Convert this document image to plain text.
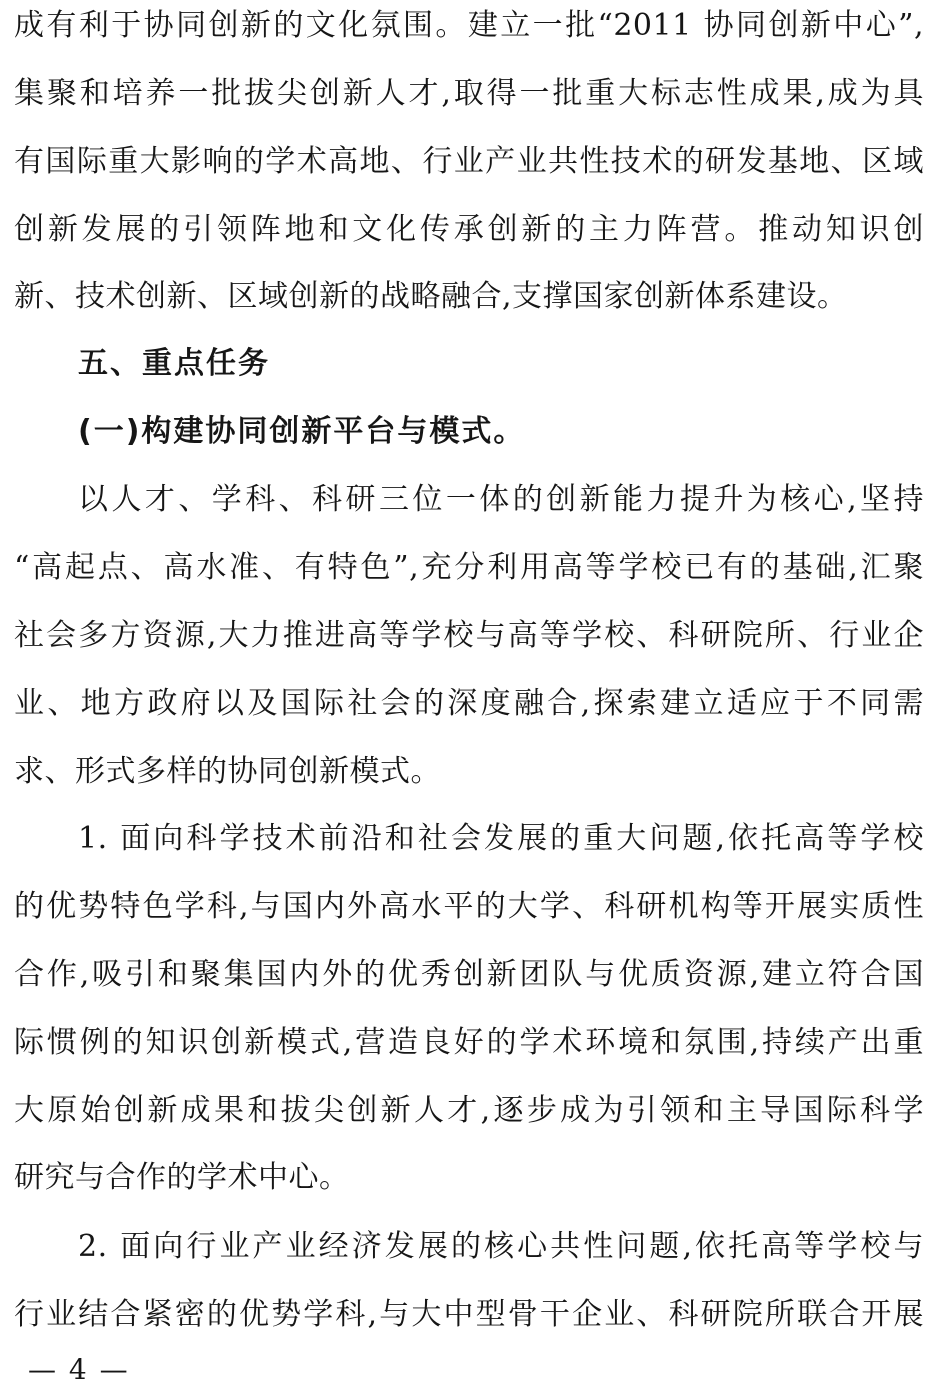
成有利于协同创新的文化氛围。建立一批“2011 协同创新中心”,
集聚和培养一批拔尖创新人才,取得一批重大标志性成果,成为具
有国际重大影响的学术高地、行业产业共性技术的研发基地、区域
创新发展的引领阵地和文化传承创新的主力阵营。推动知识创
新、技术创新、区域创新的战略融合,支撑国家创新体系建设。
五、重点任务
(一)构建协同创新平台与模式。
以人才、学科、科研三位一体的创新能力提升为核心,坚持
“高起点、高水准、有特色”,充分利用高等学校已有的基础,汇聚
社会多方资源,大力推进高等学校与高等学校、科研院所、行业企
业、地方政府以及国际社会的深度融合,探索建立适应于不同需
求、形式多样的协同创新模式。
1. 面向科学技术前沿和社会发展的重大问题,依托高等学校
的优势特色学科,与国内外高水平的大学、科研机构等开展实质性
合作,吸引和聚集国内外的优秀创新团队与优质资源,建立符合国
际惯例的知识创新模式,营造良好的学术环境和氛围,持续产出重
大原始创新成果和拔尖创新人才,逐步成为引领和主导国际科学
研究与合作的学术中心。
2. 面向行业产业经济发展的核心共性问题,依托高等学校与
行业结合紧密的优势学科,与大中型骨干企业、科研院所联合开展
— 4 —
